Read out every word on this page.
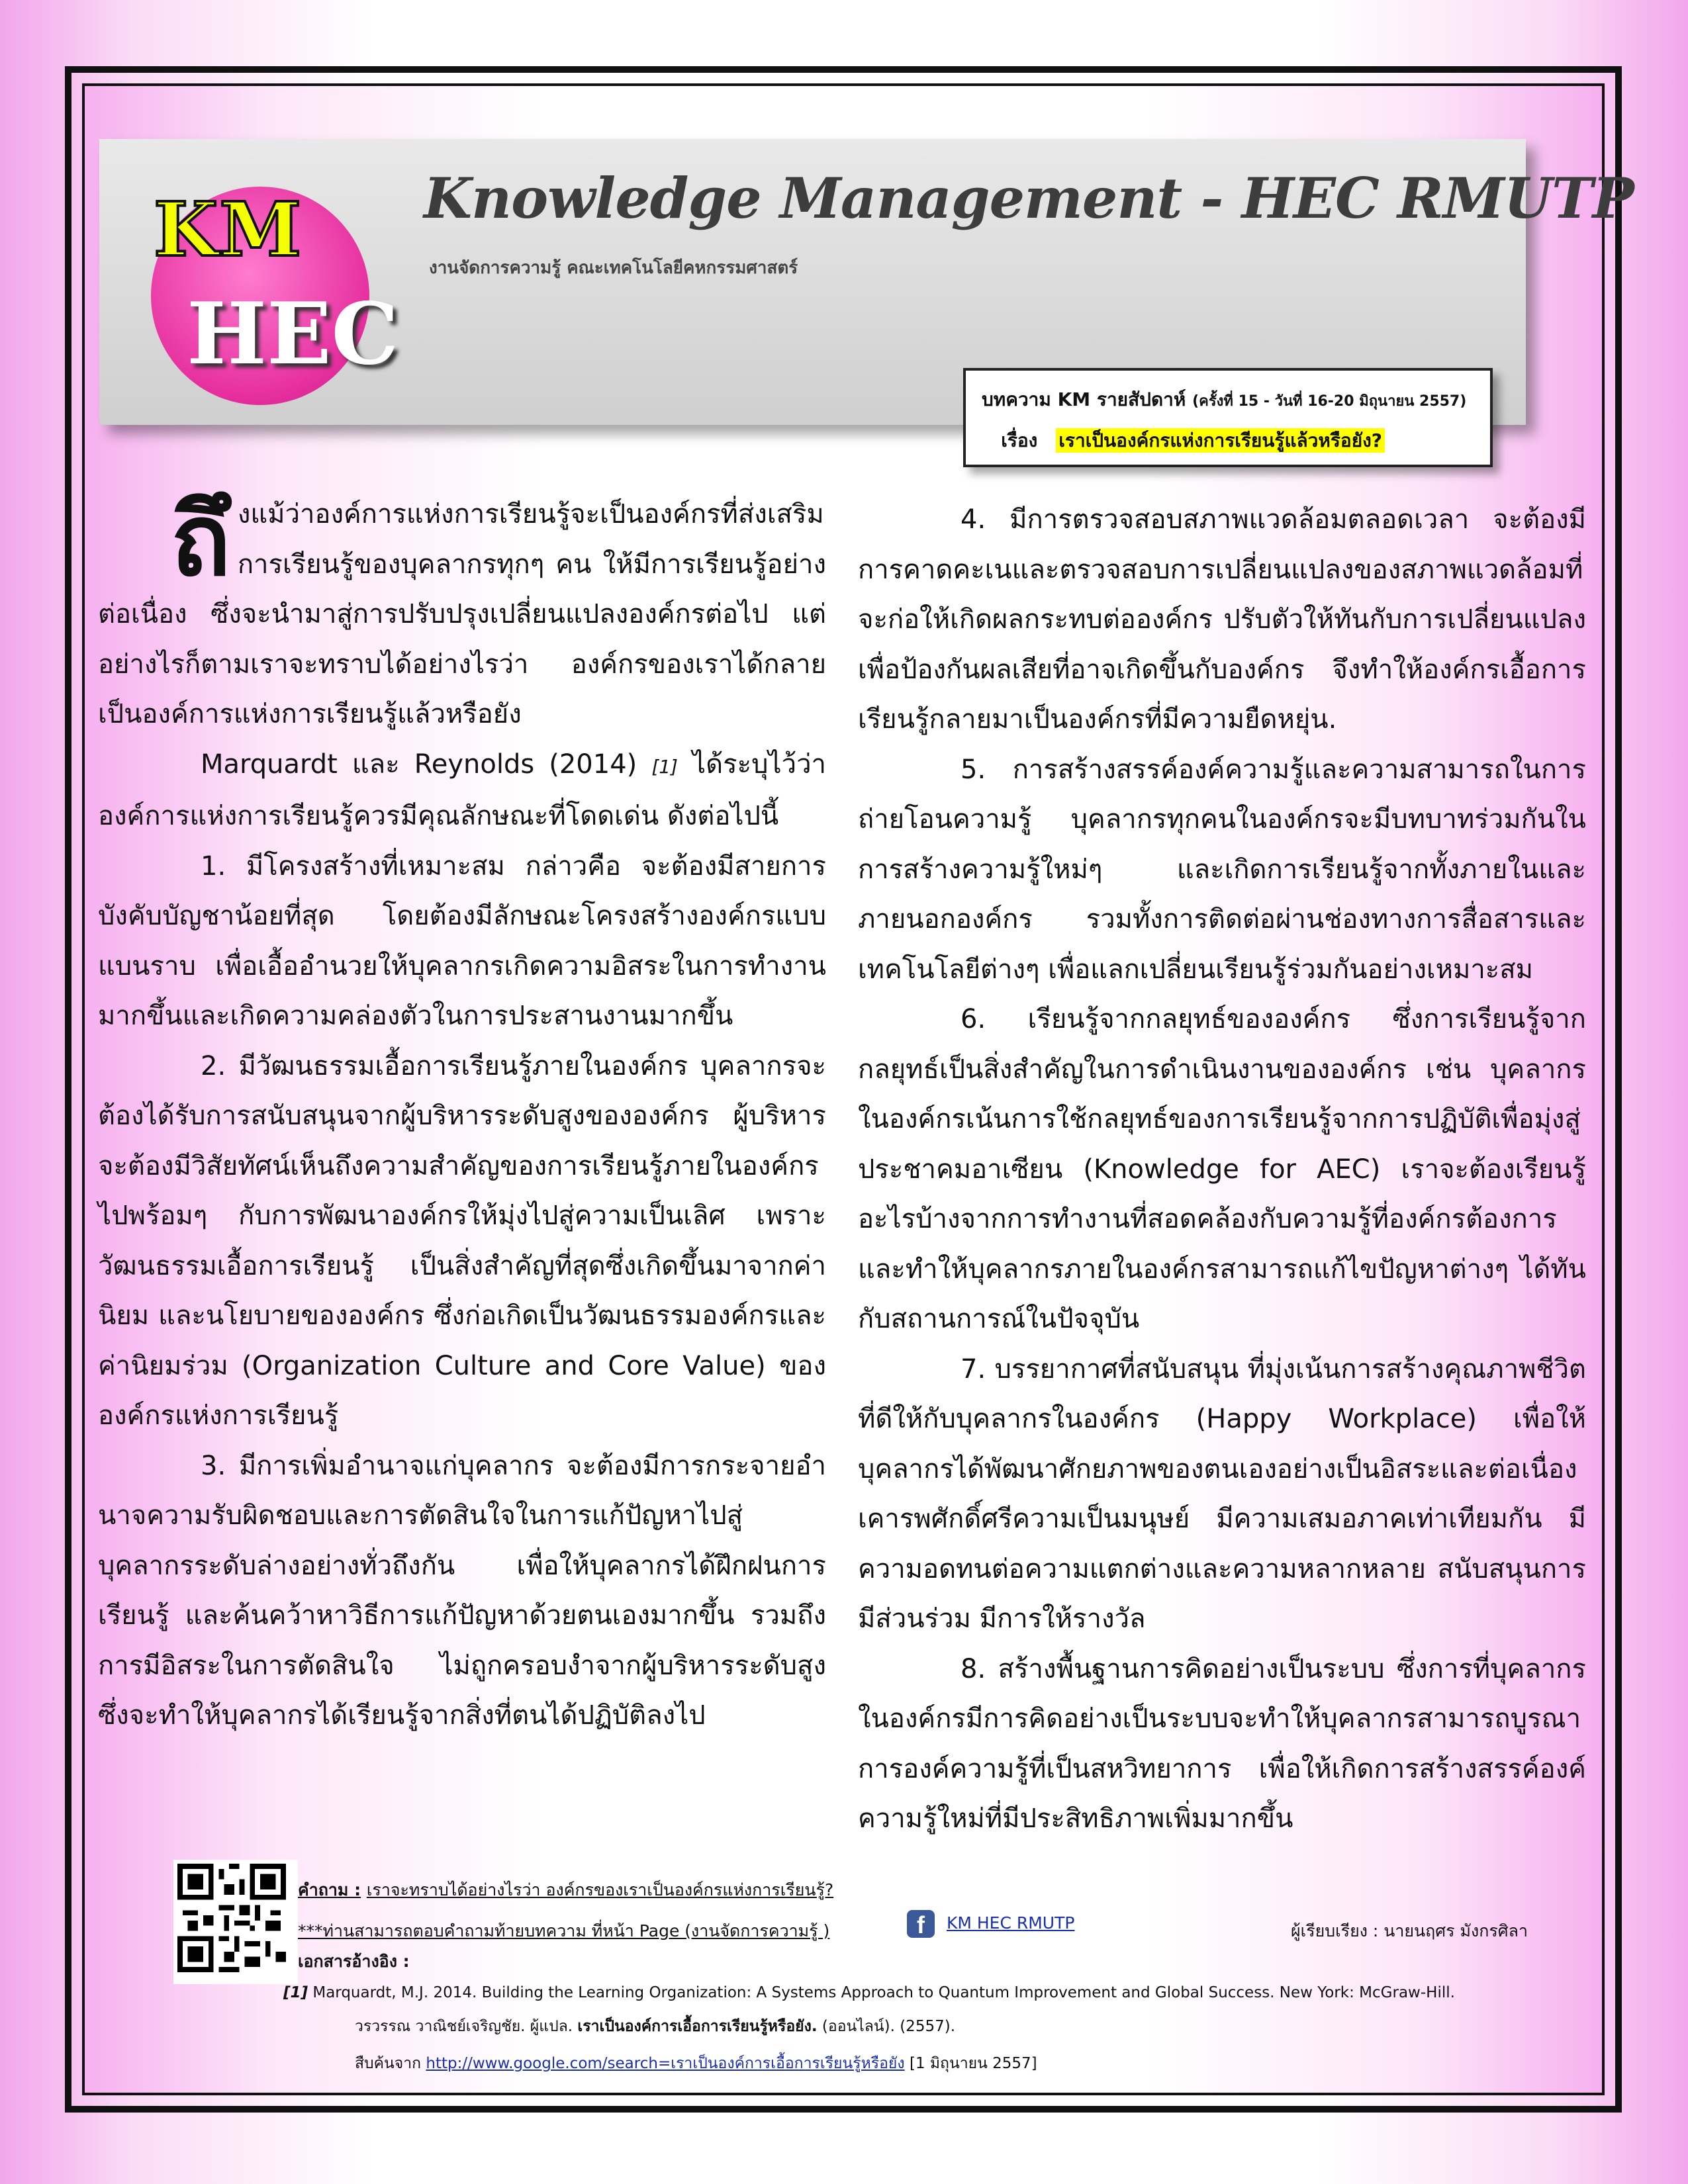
KM
HEC
Knowledge Management - HEC RMUTP
งานจัดการความรู้ คณะเทคโนโลยีคหกรรมศาสตร์
บทความ KM รายสัปดาห์ (ครั้งที่ 15 - วันที่ 16-20 มิถุนายน 2557)
เรื่อง เราเป็นองค์กรแห่งการเรียนรู้แล้วหรือยัง?

ถึงแม้ว่าองค์การแห่งการเรียนรู้จะเป็นองค์กรที่ส่งเสริมการเรียนรู้ของบุคลากรทุกๆ คน ให้มีการเรียนรู้อย่างต่อเนื่อง ซึ่งจะนำมาสู่การปรับปรุงเปลี่ยนแปลงองค์กรต่อไป แต่อย่างไรก็ตามเราจะทราบได้อย่างไรว่า องค์กรของเราได้กลายเป็นองค์การแห่งการเรียนรู้แล้วหรือยัง

Marquardt และ Reynolds (2014) [1] ได้ระบุไว้ว่าองค์การแห่งการเรียนรู้ควรมีคุณลักษณะที่โดดเด่น ดังต่อไปนี้

1. มีโครงสร้างที่เหมาะสม กล่าวคือ จะต้องมีสายการบังคับบัญชาน้อยที่สุด โดยต้องมีลักษณะโครงสร้างองค์กรแบบแบนราบ เพื่อเอื้ออำนวยให้บุคลากรเกิดความอิสระในการทำงานมากขึ้นและเกิดความคล่องตัวในการประสานงานมากขึ้น

2. มีวัฒนธรรมเอื้อการเรียนรู้ภายในองค์กร บุคลากรจะต้องได้รับการสนับสนุนจากผู้บริหารระดับสูงขององค์กร ผู้บริหารจะต้องมีวิสัยทัศน์เห็นถึงความสำคัญของการเรียนรู้ภายในองค์กรไปพร้อมๆ กับการพัฒนาองค์กรให้มุ่งไปสู่ความเป็นเลิศ เพราะวัฒนธรรมเอื้อการเรียนรู้ เป็นสิ่งสำคัญที่สุดซึ่งเกิดขึ้นมาจากค่านิยม และนโยบายขององค์กร ซึ่งก่อเกิดเป็นวัฒนธรรมองค์กรและค่านิยมร่วม (Organization Culture and Core Value) ขององค์กรแห่งการเรียนรู้

3. มีการเพิ่มอำนาจแก่บุคลากร จะต้องมีการกระจายอำนาจความรับผิดชอบและการตัดสินใจในการแก้ปัญหาไปสู่บุคลากรระดับล่างอย่างทั่วถึงกัน เพื่อให้บุคลากรได้ฝึกฝนการเรียนรู้ และค้นคว้าหาวิธีการแก้ปัญหาด้วยตนเองมากขึ้น รวมถึงการมีอิสระในการตัดสินใจ ไม่ถูกครอบงำจากผู้บริหารระดับสูง ซึ่งจะทำให้บุคลากรได้เรียนรู้จากสิ่งที่ตนได้ปฏิบัติลงไป

4. มีการตรวจสอบสภาพแวดล้อมตลอดเวลา จะต้องมีการคาดคะเนและตรวจสอบการเปลี่ยนแปลงของสภาพแวดล้อมที่จะก่อให้เกิดผลกระทบต่อองค์กร ปรับตัวให้ทันกับการเปลี่ยนแปลง เพื่อป้องกันผลเสียที่อาจเกิดขึ้นกับองค์กร จึงทำให้องค์กรเอื้อการเรียนรู้กลายมาเป็นองค์กรที่มีความยืดหยุ่น.

5. การสร้างสรรค์องค์ความรู้และความสามารถในการถ่ายโอนความรู้ บุคลากรทุกคนในองค์กรจะมีบทบาทร่วมกันในการสร้างความรู้ใหม่ๆ และเกิดการเรียนรู้จากทั้งภายในและภายนอกองค์กร รวมทั้งการติดต่อผ่านช่องทางการสื่อสารและเทคโนโลยีต่างๆ เพื่อแลกเปลี่ยนเรียนรู้ร่วมกันอย่างเหมาะสม

6. เรียนรู้จากกลยุทธ์ขององค์กร ซึ่งการเรียนรู้จากกลยุทธ์เป็นสิ่งสำคัญในการดำเนินงานขององค์กร เช่น บุคลากรในองค์กรเน้นการใช้กลยุทธ์ของการเรียนรู้จากการปฏิบัติเพื่อมุ่งสู่ประชาคมอาเซียน (Knowledge for AEC) เราจะต้องเรียนรู้อะไรบ้างจากการทำงานที่สอดคล้องกับความรู้ที่องค์กรต้องการ และทำให้บุคลากรภายในองค์กรสามารถแก้ไขปัญหาต่างๆ ได้ทันกับสถานการณ์ในปัจจุบัน

7. บรรยากาศที่สนับสนุน ที่มุ่งเน้นการสร้างคุณภาพชีวิตที่ดีให้กับบุคลากรในองค์กร (Happy Workplace) เพื่อให้บุคลากรได้พัฒนาศักยภาพของตนเองอย่างเป็นอิสระและต่อเนื่อง เคารพศักดิ์ศรีความเป็นมนุษย์ มีความเสมอภาคเท่าเทียมกัน มีความอดทนต่อความแตกต่างและความหลากหลาย สนับสนุนการมีส่วนร่วม มีการให้รางวัล

8. สร้างพื้นฐานการคิดอย่างเป็นระบบ ซึ่งการที่บุคลากรในองค์กรมีการคิดอย่างเป็นระบบจะทำให้บุคลากรสามารถบูรณาการองค์ความรู้ที่เป็นสหวิทยาการ เพื่อให้เกิดการสร้างสรรค์องค์ความรู้ใหม่ที่มีประสิทธิภาพเพิ่มมากขึ้น

คำถาม : เราจะทราบได้อย่างไรว่า องค์กรของเราเป็นองค์กรแห่งการเรียนรู้?
***ท่านสามารถตอบคำถามท้ายบทความ ที่หน้า Page (งานจัดการความรู้ )	f KM HEC RMUTP	ผู้เรียบเรียง : นายนฤศร มังกรศิลา
เอกสารอ้างอิง :
[1] Marquardt, M.J. 2014. Building the Learning Organization: A Systems Approach to Quantum Improvement and Global Success. New York: McGraw-Hill.
วรวรรณ วาณิชย์เจริญชัย. ผู้แปล. เราเป็นองค์การเอื้อการเรียนรู้หรือยัง. (ออนไลน์). (2557).
สืบค้นจาก http://www.google.com/search=เราเป็นองค์การเอื้อการเรียนรู้หรือยัง [1 มิถุนายน 2557]
